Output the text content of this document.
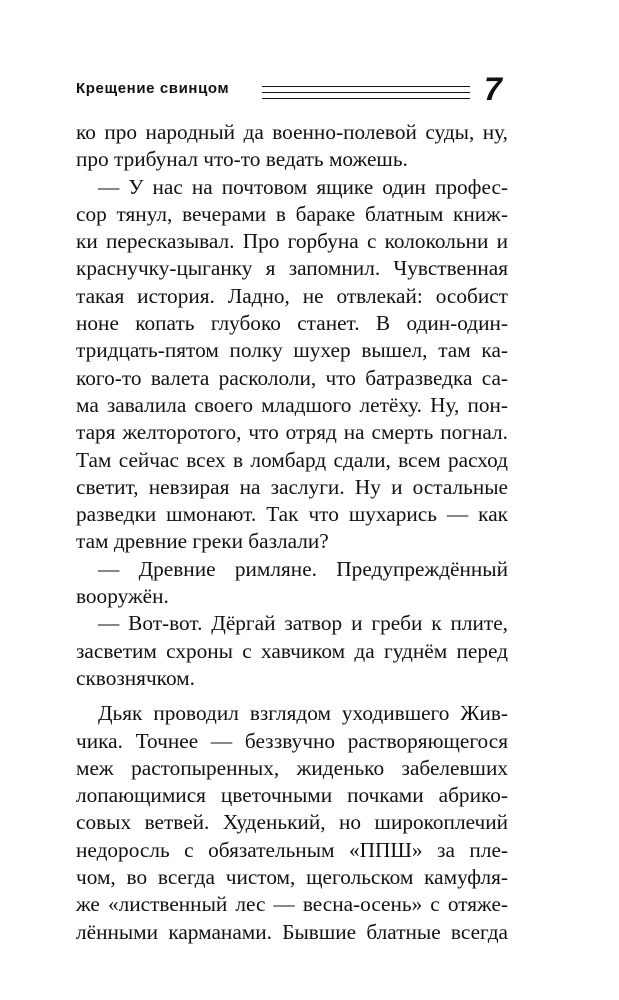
Крещение свинцом	7
ко про народный да военно-полевой суды, ну,
про трибунал что-то ведать можешь.
— У нас на почтовом ящике один профес-
сор тянул, вечерами в бараке блатным книж-
ки пересказывал. Про горбуна с колокольни и
краснучку-цыганку я запомнил. Чувственная
такая история. Ладно, не отвлекай: особист
ноне копать глубоко станет. В один-один-
тридцать-пятом полку шухер вышел, там ка-
кого-то валета раскололи, что батразведка са-
ма завалила своего младшого летёху. Ну, пон-
таря желторотого, что отряд на смерть погнал.
Там сейчас всех в ломбард сдали, всем расход
светит, невзирая на заслуги. Ну и остальные
разведки шмонают. Так что шухарись — как
там древние греки базлали?
— Древние римляне. Предупреждённый
вооружён.
— Вот-вот. Дёргай затвор и греби к плите,
засветим схроны с хавчиком да гуднём перед
сквознячком.
Дьяк проводил взглядом уходившего Жив-
чика. Точнее — беззвучно растворяющегося
меж растопыренных, жиденько забелевших
лопающимися цветочными почками абрико-
совых ветвей. Худенький, но широкоплечий
недоросль с обязательным «ППШ» за пле-
чом, во всегда чистом, щегольском камуфля-
же «лиственный лес — весна-осень» с отяже-
лёнными карманами. Бывшие блатные всегда
